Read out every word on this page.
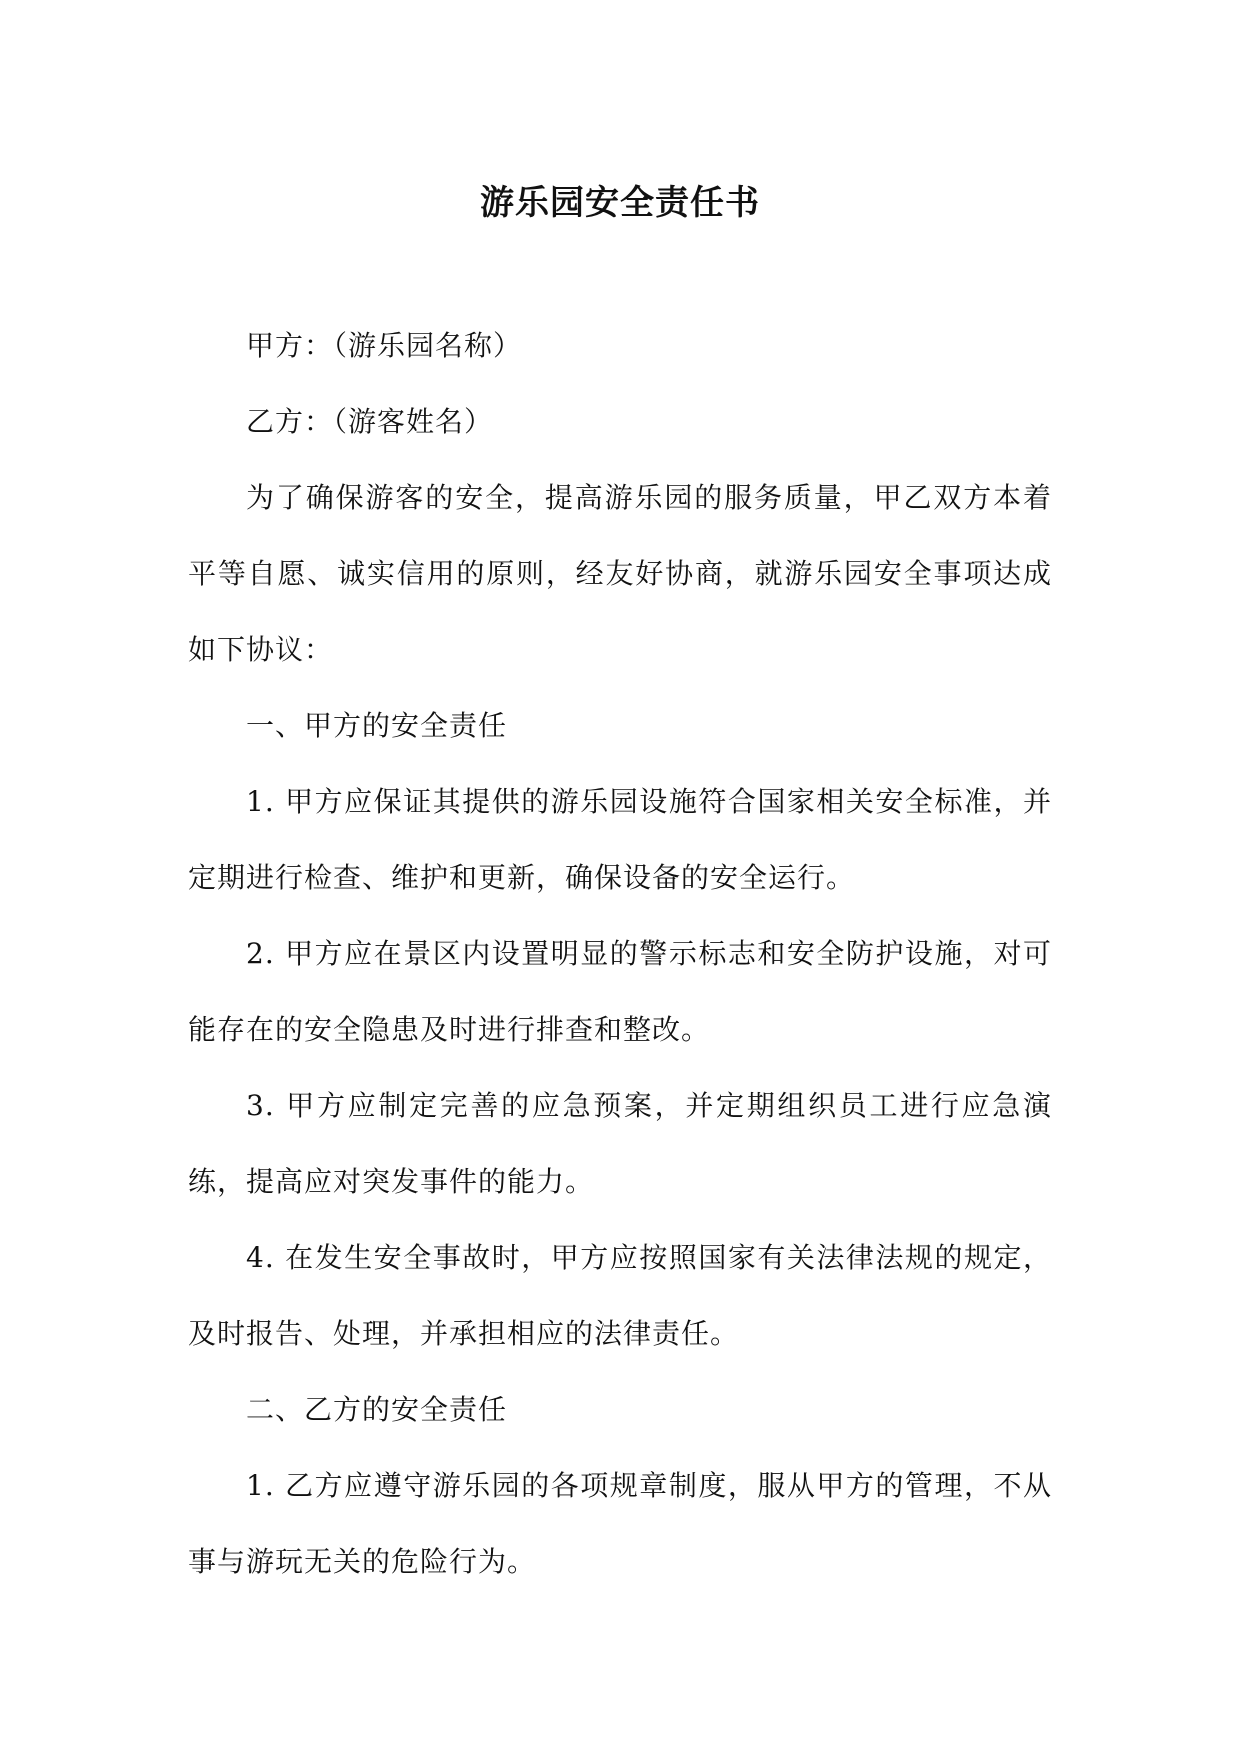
游乐园安全责任书

甲方：（游乐园名称）

乙方：（游客姓名）

为了确保游客的安全，提高游乐园的服务质量，甲乙双方本着平等自愿、诚实信用的原则，经友好协商，就游乐园安全事项达成如下协议：

一、甲方的安全责任

1. 甲方应保证其提供的游乐园设施符合国家相关安全标准，并定期进行检查、维护和更新，确保设备的安全运行。

2. 甲方应在景区内设置明显的警示标志和安全防护设施，对可能存在的安全隐患及时进行排查和整改。

3. 甲方应制定完善的应急预案，并定期组织员工进行应急演练，提高应对突发事件的能力。

4. 在发生安全事故时，甲方应按照国家有关法律法规的规定，及时报告、处理，并承担相应的法律责任。

二、乙方的安全责任

1. 乙方应遵守游乐园的各项规章制度，服从甲方的管理，不从事与游玩无关的危险行为。
